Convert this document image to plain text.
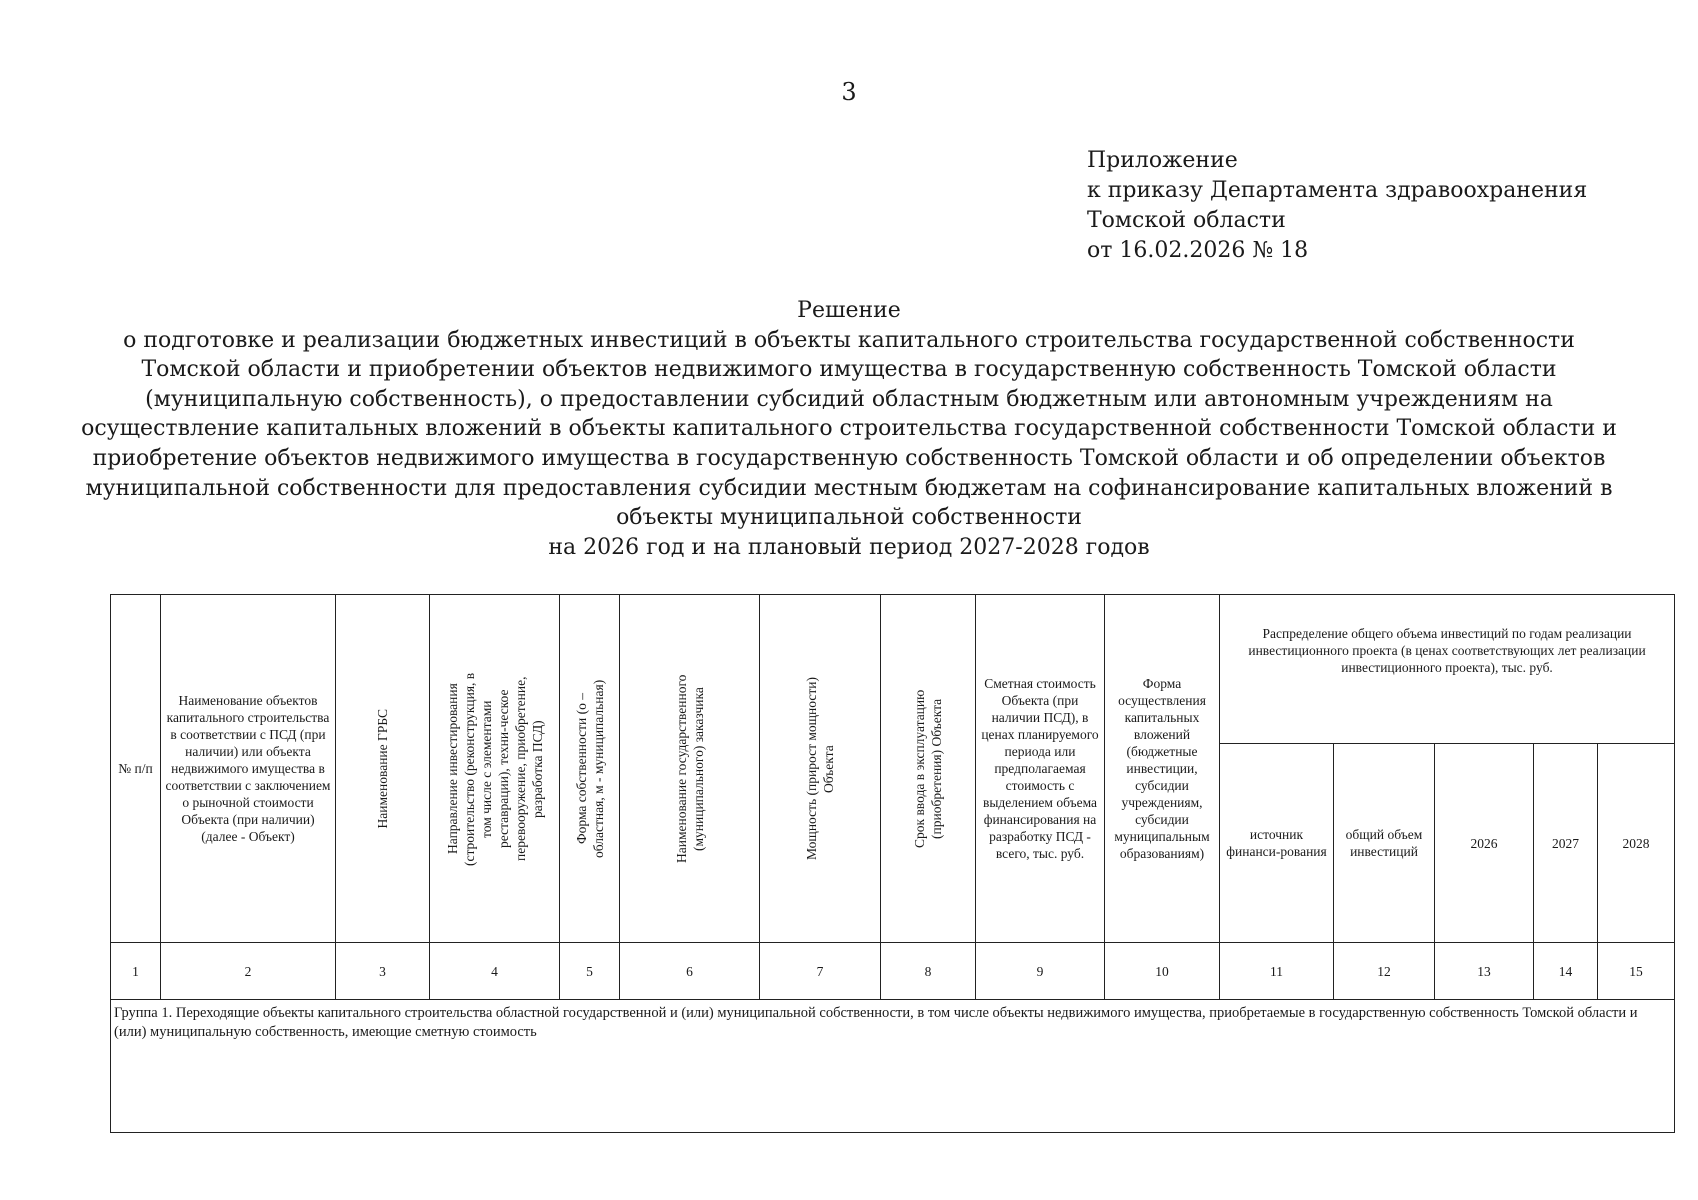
3
Приложение
к приказу Департамента здравоохранения
Томской области
от 16.02.2026 № 18
Решение
о подготовке и реализации бюджетных инвестиций в объекты капитального строительства государственной собственности
Томской области и приобретении объектов недвижимого имущества в государственную собственность Томской области
(муниципальную собственность), о предоставлении субсидий областным бюджетным или автономным учреждениям на
осуществление капитальных вложений в объекты капитального строительства государственной собственности Томской области и
приобретение объектов недвижимого имущества в государственную собственность Томской области и об определении объектов
муниципальной собственности для предоставления субсидии местным бюджетам на софинансирование капитальных вложений в
объекты муниципальной собственности
на 2026 год и на плановый период 2027-2028 годов
№ п/п	Наименование объектов капитального строительства в соответствии с ПСД (при наличии) или объекта недвижимого имущества в соответствии с заключением о рыночной стоимости Объекта (при наличии) (далее - Объект)	Наименование ГРБС	Направление инвестирования (строительство (реконструкция, в том числе с элементами реставрации), техни-ческое перевооружение, приобретение, разработка ПСД)	Форма собственности (о – областная, м - муниципальная)	Наименование государственного (муниципального) заказчика	Мощность (прирост мощности) Объекта	Срок ввода в эксплуатацию (приобретения) Объекта	Сметная стоимость Объекта (при наличии ПСД), в ценах планируемого периода или предполагаемая стоимость с выделением объема финансирования на разработку ПСД - всего, тыс. руб.	Форма осуществления капитальных вложений (бюджетные инвестиции, субсидии учреждениям, субсидии муниципальным образованиям)	Распределение общего объема инвестиций по годам реализации инвестиционного проекта (в ценах соответствующих лет реализации инвестиционного проекта), тыс. руб.				
										источник финанси-рования	общий объем инвестиций	2026	2027	2028
1	2	3	4	5	6	7	8	9	10	11	12	13	14	15
Группа 1. Переходящие объекты капитального строительства областной государственной и (или) муниципальной собственности, в том числе объекты недвижимого имущества, приобретаемые в государственную собственность Томской области и (или) муниципальную собственность, имеющие сметную стоимость														
